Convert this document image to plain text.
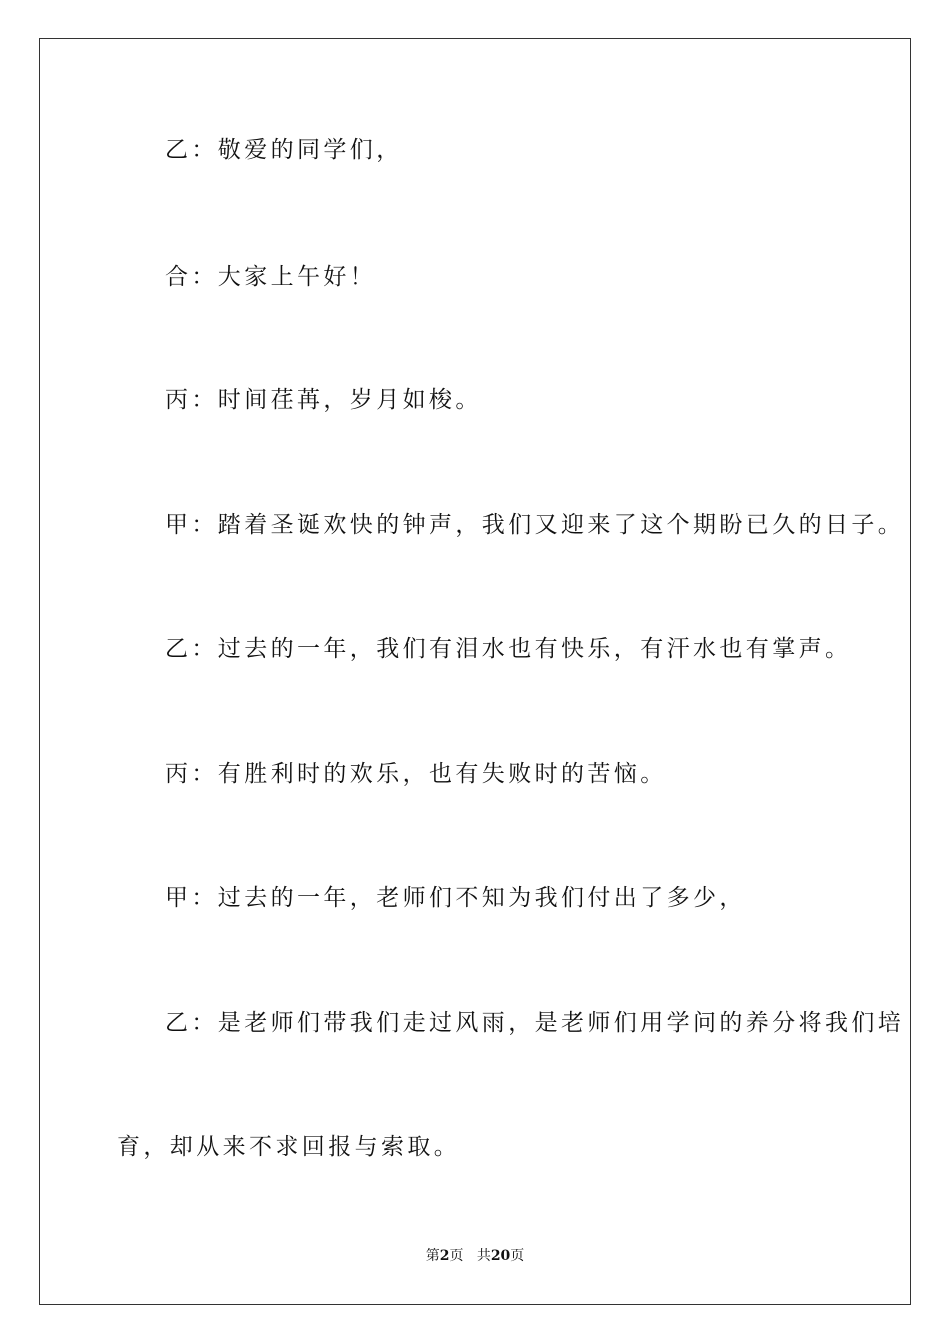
乙：敬爱的同学们，
合：大家上午好！
丙：时间荏苒，岁月如梭。
甲：踏着圣诞欢快的钟声，我们又迎来了这个期盼已久的日子。
乙：过去的一年，我们有泪水也有快乐，有汗水也有掌声。
丙：有胜利时的欢乐，也有失败时的苦恼。
甲：过去的一年，老师们不知为我们付出了多少，
乙：是老师们带我们走过风雨，是老师们用学问的养分将我们培
育，却从来不求回报与索取。
第2页 共20页
